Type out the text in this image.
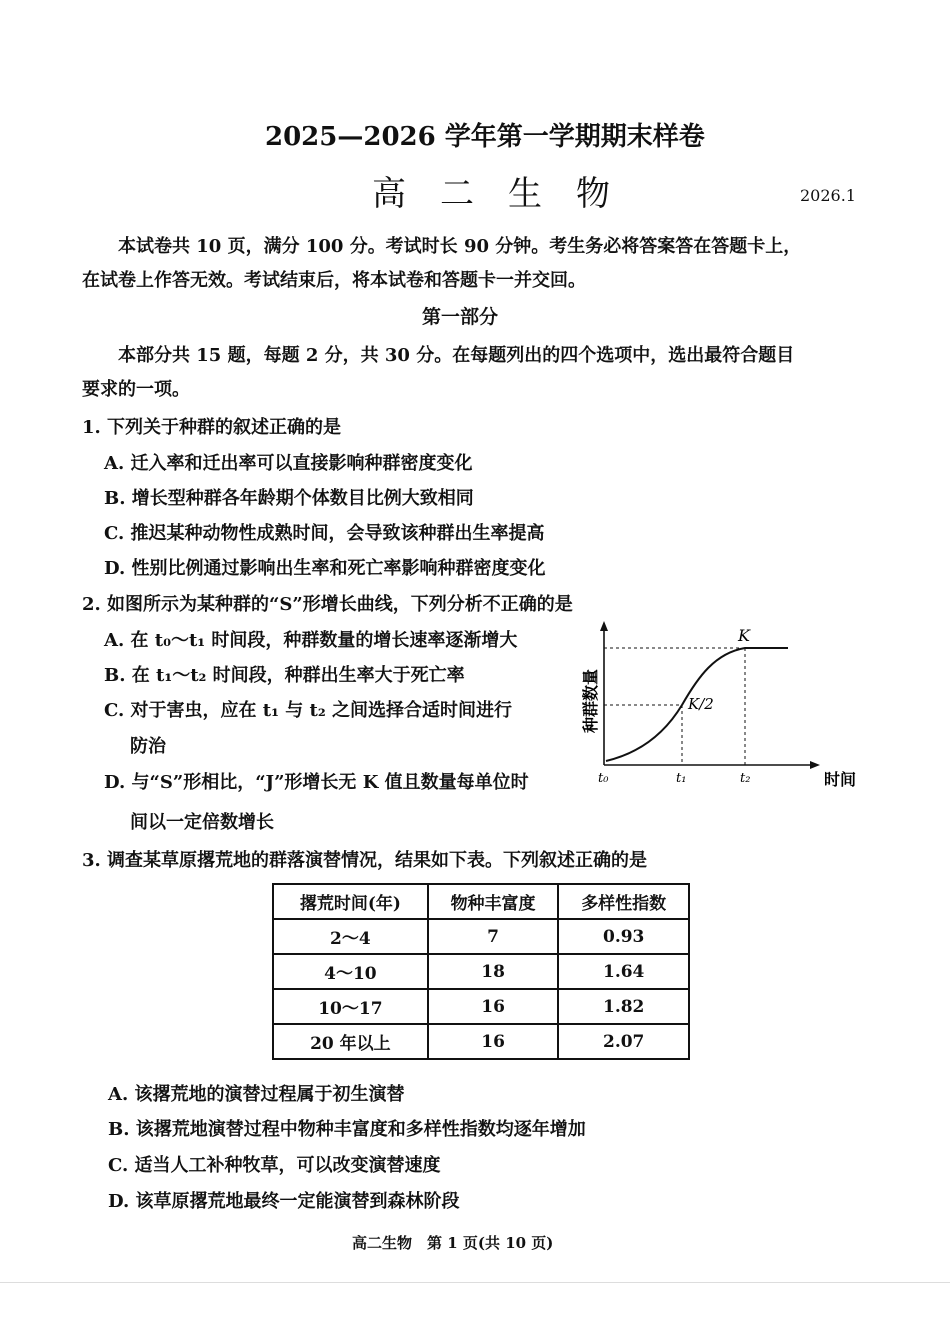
2025—2026 学年第一学期期末样卷
高二生物	2026.1
本试卷共 10 页，满分 100 分。考试时长 90 分钟。考生务必将答案答在答题卡上，
在试卷上作答无效。考试结束后，将本试卷和答题卡一并交回。
第一部分
本部分共 15 题，每题 2 分，共 30 分。在每题列出的四个选项中，选出最符合题目
要求的一项。
1. 下列关于种群的叙述正确的是
A. 迁入率和迁出率可以直接影响种群密度变化
B. 增长型种群各年龄期个体数目比例大致相同
C. 推迟某种动物性成熟时间，会导致该种群出生率提高
D. 性别比例通过影响出生率和死亡率影响种群密度变化
2. 如图所示为某种群的“S”形增长曲线，下列分析不正确的是
A. 在 t₀～t₁ 时间段，种群数量的增长速率逐渐增大
B. 在 t₁～t₂ 时间段，种群出生率大于死亡率
C. 对于害虫，应在 t₁ 与 t₂ 之间选择合适时间进行
防治
D. 与“S”形相比，“J”形增长无 K 值且数量每单位时
间以一定倍数增长
K
K/2
t₀	t₁	t₂	时间
种群数量
3. 调查某草原撂荒地的群落演替情况，结果如下表。下列叙述正确的是
撂荒时间(年)	物种丰富度	多样性指数
2～4	7	0.93
4～10	18	1.64
10～17	16	1.82
20 年以上	16	2.07
A. 该撂荒地的演替过程属于初生演替
B. 该撂荒地演替过程中物种丰富度和多样性指数均逐年增加
C. 适当人工补种牧草，可以改变演替速度
D. 该草原撂荒地最终一定能演替到森林阶段
高二生物　第 1 页(共 10 页)
